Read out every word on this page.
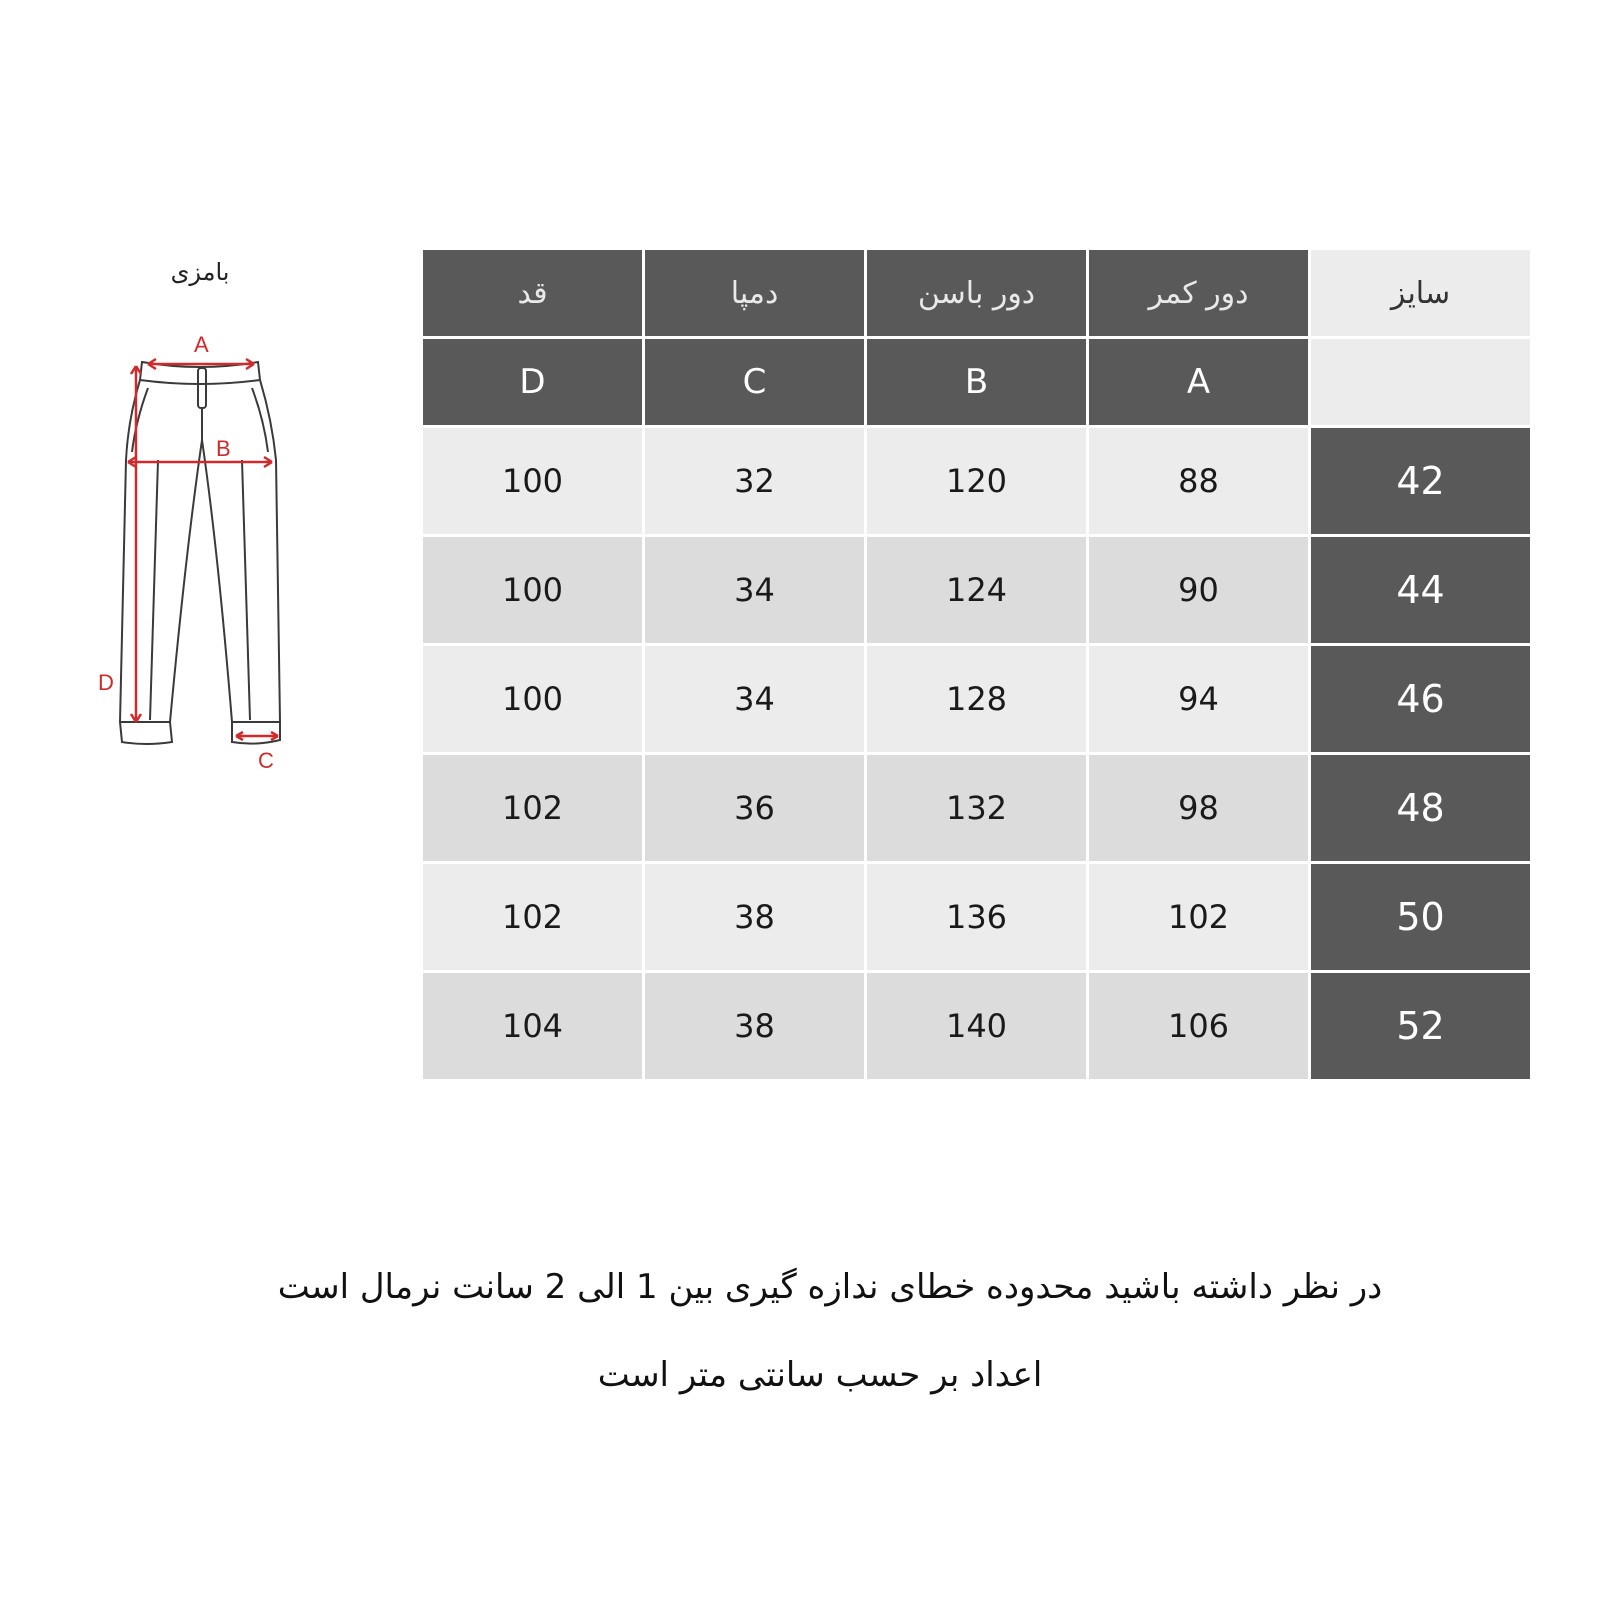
بامزی
A
B
C
D
قد	دمپا	دور باسن	دور کمر	سایز
D	C	B	A
100	32	120	88	42
100	34	124	90	44
100	34	128	94	46
102	36	132	98	48
102	38	136	102	50
104	38	140	106	52
در نظر داشته باشید محدوده خطای ندازه گیری بین 1 الی 2 سانت نرمال است
اعداد بر حسب سانتی متر است
